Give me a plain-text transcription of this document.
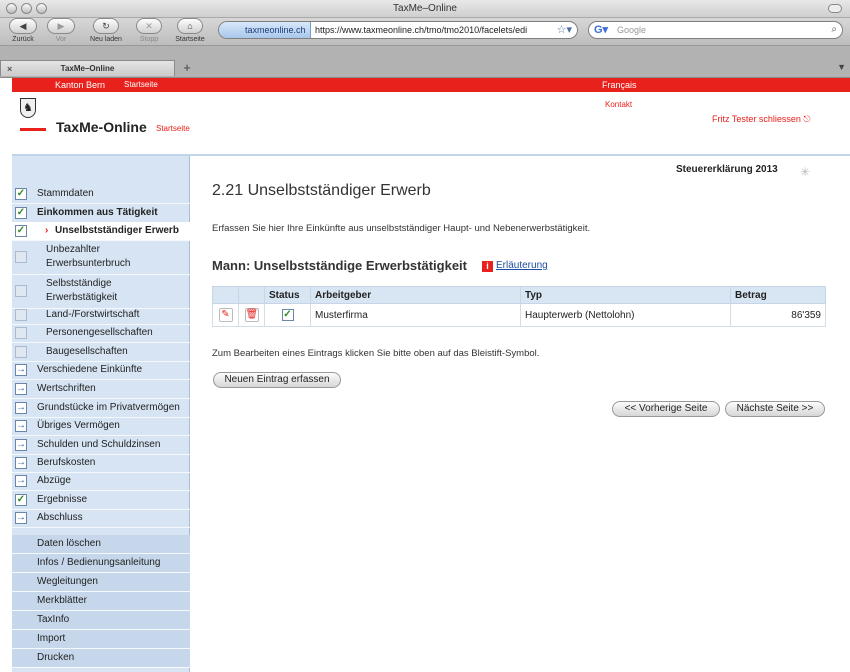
TaxMe–Online
◀
Zurück
▶
Vor
↻
Neu laden
✕
Stopp
⌂
Startseite
taxmeonline.ch	https://www.taxmeonline.ch/tmo/tmo2010/facelets/edi	☆▾ G▾ Google	⌕
×	TaxMe–Online	+	▼
Kanton Bern Startseite	Français
♞
TaxMe-Online Startseite
Kontakt
Fritz Tester schliessen ⎋
✓ Stammdaten
✓ Einkommen aus Tätigkeit
✓ › Unselbstständiger Erwerb
Unbezahlter
Erwerbsunterbruch
Selbstständige
Erwerbstätigkeit
Land-/Forstwirtschaft
Personengesellschaften
Baugesellschaften
→ Verschiedene Einkünfte
→ Wertschriften
→ Grundstücke im Privatvermögen
→ Übriges Vermögen
→ Schulden und Schuldzinsen
→ Berufskosten
→ Abzüge
✓ Ergebnisse
→ Abschluss
Daten löschen
Infos / Bedienungsanleitung
Wegleitungen
Merkblätter
TaxInfo
Import
Drucken
Steuererklärung 2013 ✳
2.21 Unselbstständiger Erwerb
Erfassen Sie hier Ihre Einkünfte aus unselbstständiger Haupt- und Nebenerwerbstätigkeit.
Mann: Unselbstständige Erwerbstätigkeit	i Erläuterung
		Status	Arbeitgeber	Typ	Betrag
✎	🗑	✓	Musterfirma	Haupterwerb (Nettolohn)	86'359
Zum Bearbeiten eines Eintrags klicken Sie bitte oben auf das Bleistift-Symbol.
Neuen Eintrag erfassen
<< Vorherige Seite	Nächste Seite >>
